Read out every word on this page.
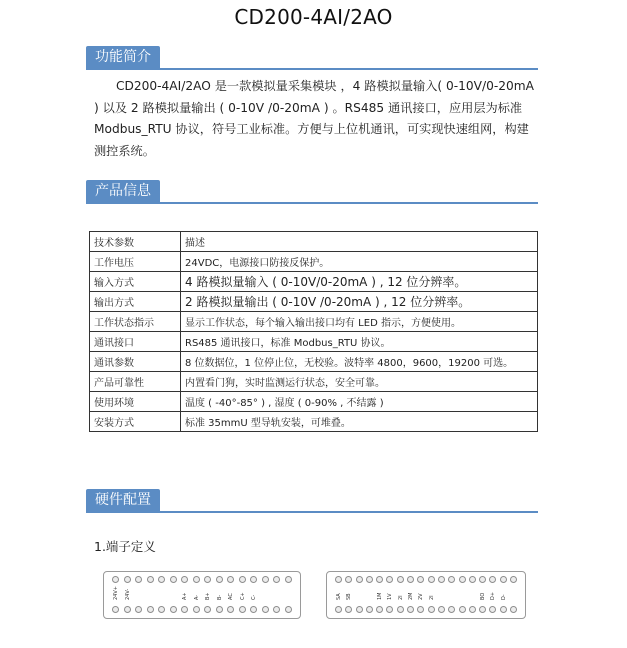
CD200-4AI/2AO
功能简介
CD200-4AI/2AO 是一款模拟量采集模块 ，4 路模拟量输入( 0-10V/0-20mA ) 以及 2 路模拟量输出 ( 0-10V /0-20mA ) 。RS485 通讯接口，应用层为标准 Modbus_RTU 协议，符号工业标准。方便与上位机通讯，可实现快速组网，构建测控系统。
产品信息
技术参数	描述
工作电压	24VDC，电源接口防接反保护。
输入方式	4 路模拟量输入 ( 0-10V/0-20mA ) , 12 位分辨率。
输出方式	2 路模拟量输出 ( 0-10V /0-20mA ) , 12 位分辨率。
工作状态指示	显示工作状态，每个输入输出接口均有 LED 指示，方便使用。
通讯接口	RS485 通讯接口，标准 Modbus_RTU 协议。
通讯参数	8 位数据位，1 位停止位，无校验。波特率 4800，9600，19200 可选。
产品可靠性	内置看门狗，实时监测运行状态，安全可靠。
使用环境	温度 ( -40°-85° ) , 湿度 ( 0-90% , 不结露 )
安装方式	标准 35mmU 型导轨安装，可堆叠。
硬件配置
1.端子定义
24V+ 24V-	A+ A- B+ B- AC C+ C-	SA SB	1M 1V 2I 2M 2V 2I	BO D+ D-
